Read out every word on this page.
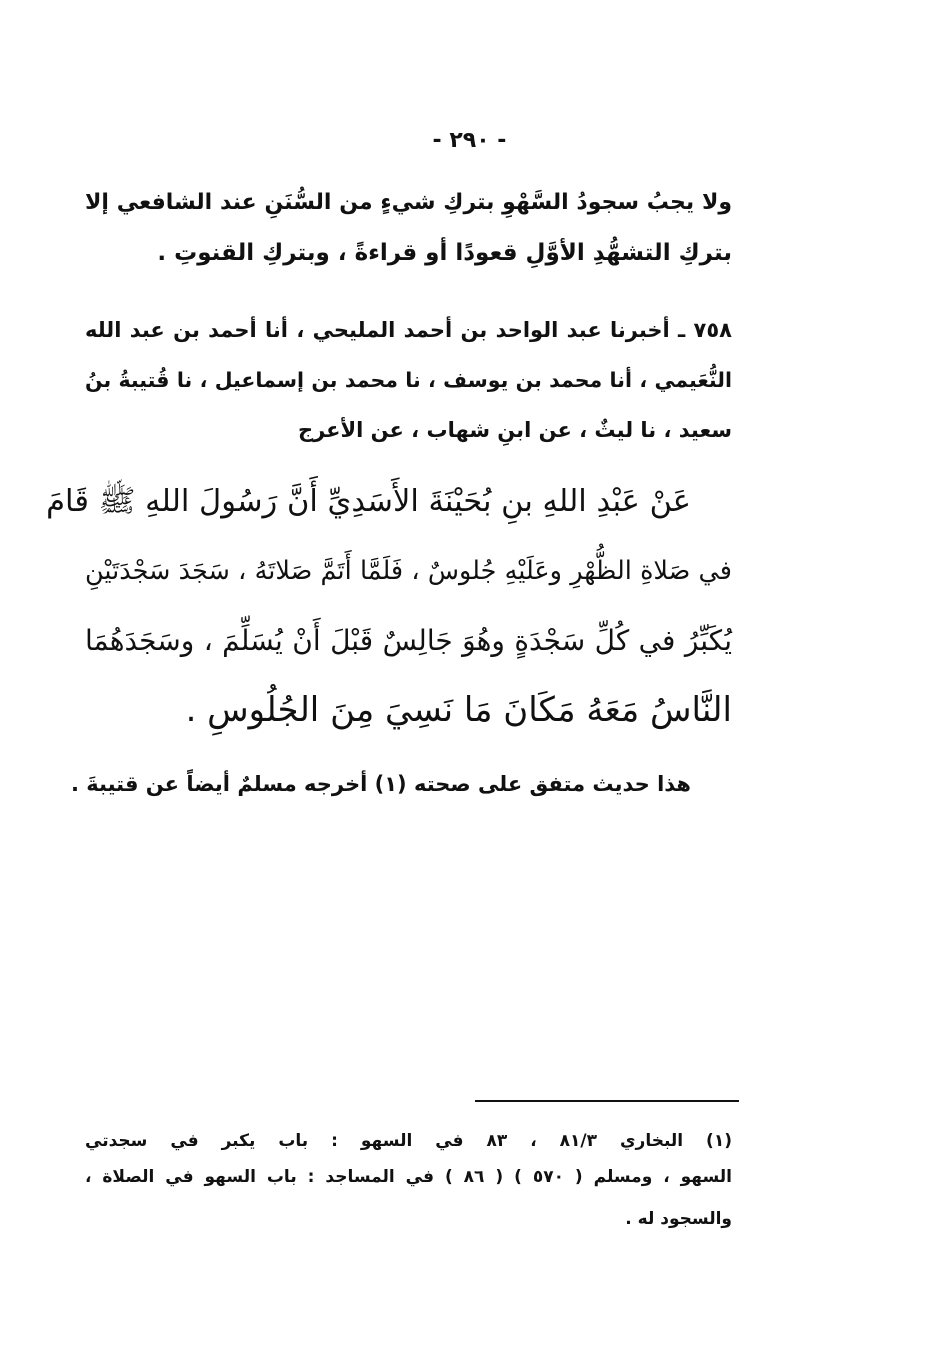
- ٢٩٠ -
ولا يجبُ سجودُ السَّهْوِ بتركِ شيءٍ من السُّنَنِ عند الشافعي إلا
بتركِ التشهُّدِ الأوَّلِ قعودًا أو قراءةً ، وبتركِ القنوتِ .
٧٥٨ ـ أخبرنا عبد الواحد بن أحمد المليحي ، أنا أحمد بن عبد الله
النُّعَيمي ، أنا محمد بن يوسف ، نا محمد بن إسماعيل ، نا قُتيبةُ بنُ
سعيد ، نا ليثٌ ، عن ابنِ شهاب ، عن الأعرج
عَنْ عَبْدِ اللهِ بنِ بُحَيْنَةَ الأَسَدِيِّ أَنَّ رَسُولَ اللهِ ﷺ قَامَ
في صَلاةِ الظُّهْرِ وعَلَيْهِ جُلوسٌ ، فَلَمَّا أَتَمَّ صَلاتَهُ ، سَجَدَ سَجْدَتَيْنِ
يُكَبِّرُ في كُلِّ سَجْدَةٍ وهُوَ جَالِسٌ قَبْلَ أَنْ يُسَلِّمَ ، وسَجَدَهُمَا
النَّاسُ مَعَهُ مَكَانَ مَا نَسِيَ مِنَ الجُلُوسِ .
هذا حديث متفق على صحته (١) أخرجه مسلمٌ أيضاً عن قتيبةَ .
(١) البخاري ٨١/٣ ، ٨٣ في السهو : باب يكبر في سجدتي
السهو ، ومسلم ( ٥٧٠ ) ( ٨٦ ) في المساجد : باب السهو في الصلاة ،
والسجود له .
